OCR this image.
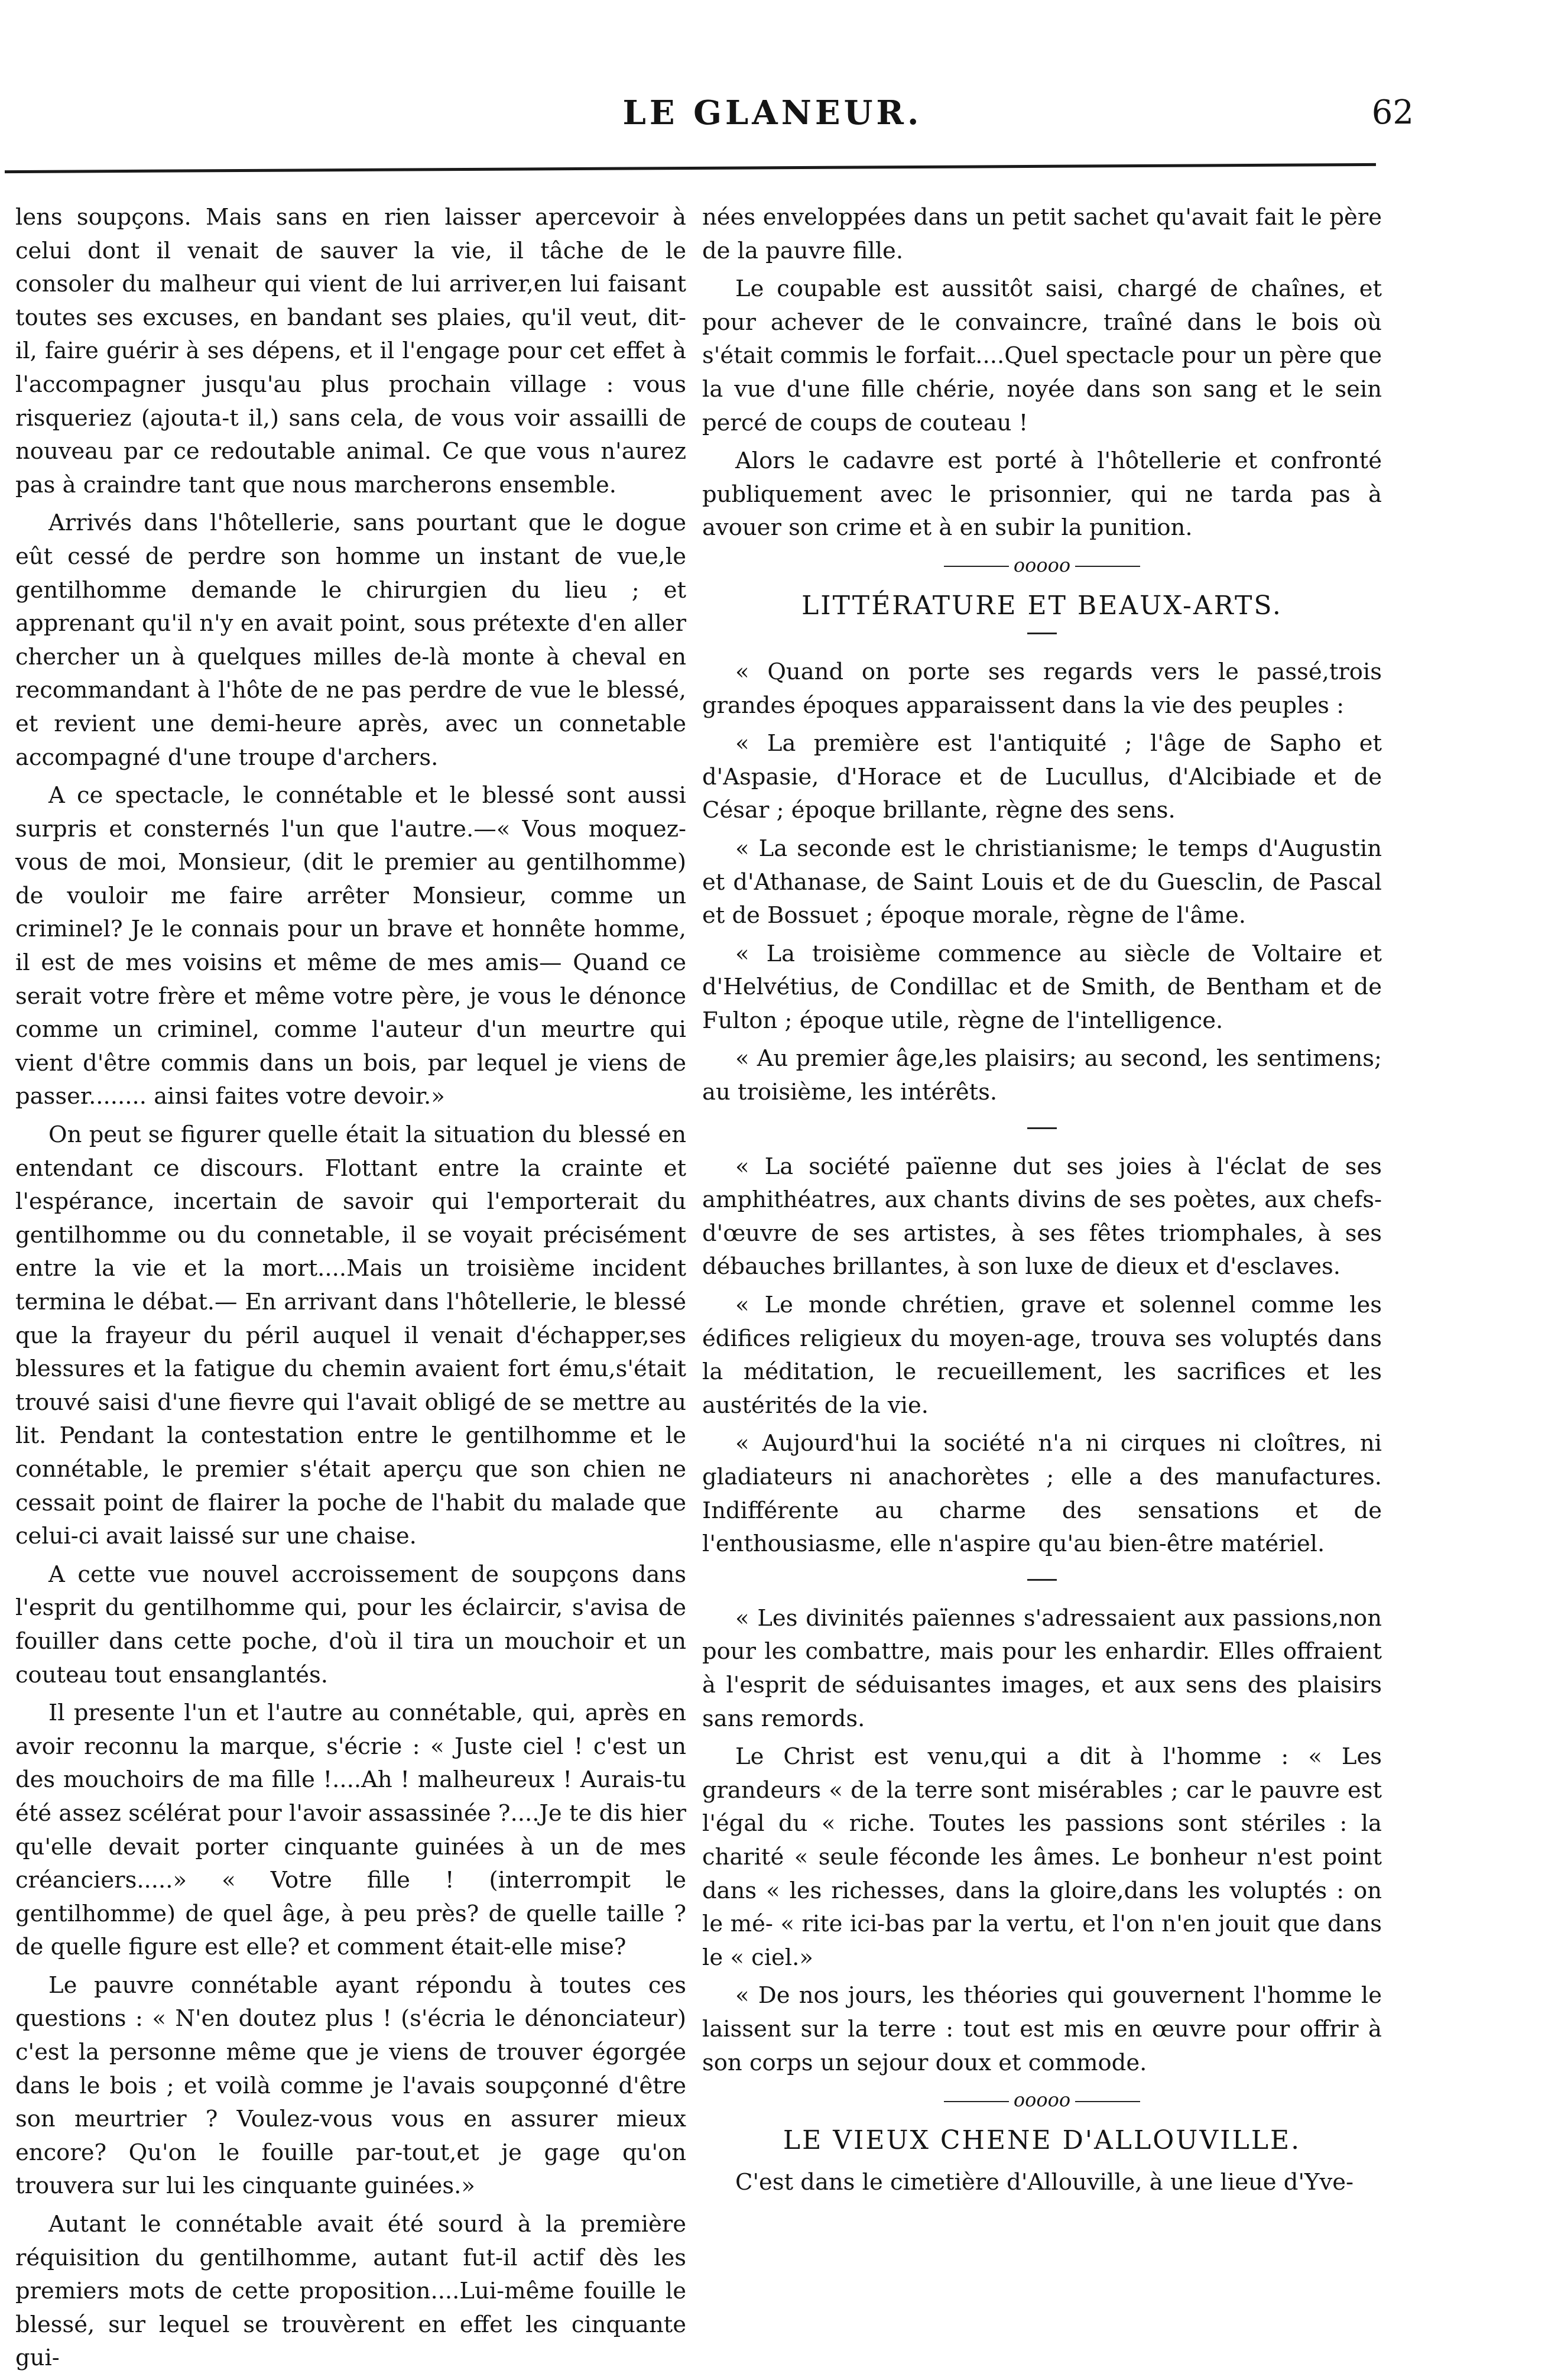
LE GLANEUR.	62

lens soupçons. Mais sans en rien laisser apercevoir à celui dont il venait de sauver la vie, il tâche de le consoler du malheur qui vient de lui arriver,en lui faisant toutes ses excuses, en bandant ses plaies, qu'il veut, dit-il, faire guérir à ses dépens, et il l'engage pour cet effet à l'accompagner jusqu'au plus prochain village : vous risqueriez (ajouta-t il,) sans cela, de vous voir assailli de nouveau par ce redoutable animal. Ce que vous n'aurez pas à craindre tant que nous marcherons ensemble.

Arrivés dans l'hôtellerie, sans pourtant que le dogue eût cessé de perdre son homme un instant de vue,le gentilhomme demande le chirurgien du lieu ; et apprenant qu'il n'y en avait point, sous prétexte d'en aller chercher un à quelques milles de-là monte à cheval en recommandant à l'hôte de ne pas perdre de vue le blessé, et revient une demi-heure après, avec un connetable accompagné d'une troupe d'archers.

A ce spectacle, le connétable et le blessé sont aussi surpris et consternés l'un que l'autre.—« Vous moquez-vous de moi, Monsieur, (dit le premier au gentilhomme) de vouloir me faire arrêter Monsieur, comme un criminel? Je le connais pour un brave et honnête homme, il est de mes voisins et même de mes amis— Quand ce serait votre frère et même votre père, je vous le dénonce comme un criminel, comme l'auteur d'un meurtre qui vient d'être commis dans un bois, par lequel je viens de passer........ ainsi faites votre devoir.»

On peut se figurer quelle était la situation du blessé en entendant ce discours. Flottant entre la crainte et l'espérance, incertain de savoir qui l'emporterait du gentilhomme ou du connetable, il se voyait précisément entre la vie et la mort....Mais un troisième incident termina le débat.— En arrivant dans l'hôtellerie, le blessé que la frayeur du péril auquel il venait d'échapper,ses blessures et la fatigue du chemin avaient fort ému,s'était trouvé saisi d'une fievre qui l'avait obligé de se mettre au lit. Pendant la contestation entre le gentilhomme et le connétable, le premier s'était aperçu que son chien ne cessait point de flairer la poche de l'habit du malade que celui-ci avait laissé sur une chaise.

A cette vue nouvel accroissement de soupçons dans l'esprit du gentilhomme qui, pour les éclaircir, s'avisa de fouiller dans cette poche, d'où il tira un mouchoir et un couteau tout ensanglantés.

Il presente l'un et l'autre au connétable, qui, après en avoir reconnu la marque, s'écrie : « Juste ciel ! c'est un des mouchoirs de ma fille !....Ah ! malheureux ! Aurais-tu été assez scélérat pour l'avoir assassinée ?....Je te dis hier qu'elle devait porter cinquante guinées à un de mes créanciers.....» « Votre fille ! (interrompit le gentilhomme) de quel âge, à peu près? de quelle taille ? de quelle figure est elle? et comment était-elle mise?

Le pauvre connétable ayant répondu à toutes ces questions : « N'en doutez plus ! (s'écria le dénonciateur) c'est la personne même que je viens de trouver égorgée dans le bois ; et voilà comme je l'avais soupçonné d'être son meurtrier ? Voulez-vous vous en assurer mieux encore? Qu'on le fouille par-tout,et je gage qu'on trouvera sur lui les cinquante guinées.»

Autant le connétable avait été sourd à la première réquisition du gentilhomme, autant fut-il actif dès les premiers mots de cette proposition....Lui-même fouille le blessé, sur lequel se trouvèrent en effet les cinquante gui-

nées enveloppées dans un petit sachet qu'avait fait le père de la pauvre fille.

Le coupable est aussitôt saisi, chargé de chaînes, et pour achever de le convaincre, traîné dans le bois où s'était commis le forfait....Quel spectacle pour un père que la vue d'une fille chérie, noyée dans son sang et le sein percé de coups de couteau !

Alors le cadavre est porté à l'hôtellerie et confronté publiquement avec le prisonnier, qui ne tarda pas à avouer son crime et à en subir la punition.

ooooo
LITTÉRATURE ET BEAUX-ARTS.

« Quand on porte ses regards vers le passé,trois grandes époques apparaissent dans la vie des peuples :

« La première est l'antiquité ; l'âge de Sapho et d'Aspasie, d'Horace et de Lucullus, d'Alcibiade et de César ; époque brillante, règne des sens.

« La seconde est le christianisme; le temps d'Augustin et d'Athanase, de Saint Louis et de du Guesclin, de Pascal et de Bossuet ; époque morale, règne de l'âme.

« La troisième commence au siècle de Voltaire et d'Helvétius, de Condillac et de Smith, de Bentham et de Fulton ; époque utile, règne de l'intelligence.

« Au premier âge,les plaisirs; au second, les sentimens; au troisième, les intérêts.

« La société païenne dut ses joies à l'éclat de ses amphithéatres, aux chants divins de ses poètes, aux chefs-d'œuvre de ses artistes, à ses fêtes triomphales, à ses débauches brillantes, à son luxe de dieux et d'esclaves.

« Le monde chrétien, grave et solennel comme les édifices religieux du moyen-age, trouva ses voluptés dans la méditation, le recueillement, les sacrifices et les austérités de la vie.

« Aujourd'hui la société n'a ni cirques ni cloîtres, ni gladiateurs ni anachorètes ; elle a des manufactures. Indifférente au charme des sensations et de l'enthousiasme, elle n'aspire qu'au bien-être matériel.

« Les divinités païennes s'adressaient aux passions,non pour les combattre, mais pour les enhardir. Elles offraient à l'esprit de séduisantes images, et aux sens des plaisirs sans remords.

Le Christ est venu,qui a dit à l'homme : « Les grandeurs « de la terre sont misérables ; car le pauvre est l'égal du « riche. Toutes les passions sont stériles : la charité « seule féconde les âmes. Le bonheur n'est point dans « les richesses, dans la gloire,dans les voluptés : on le mé- « rite ici-bas par la vertu, et l'on n'en jouit que dans le « ciel.»

« De nos jours, les théories qui gouvernent l'homme le laissent sur la terre : tout est mis en œuvre pour offrir à son corps un sejour doux et commode.

ooooo
LE VIEUX CHENE D'ALLOUVILLE.

C'est dans le cimetière d'Allouville, à une lieue d'Yve-
